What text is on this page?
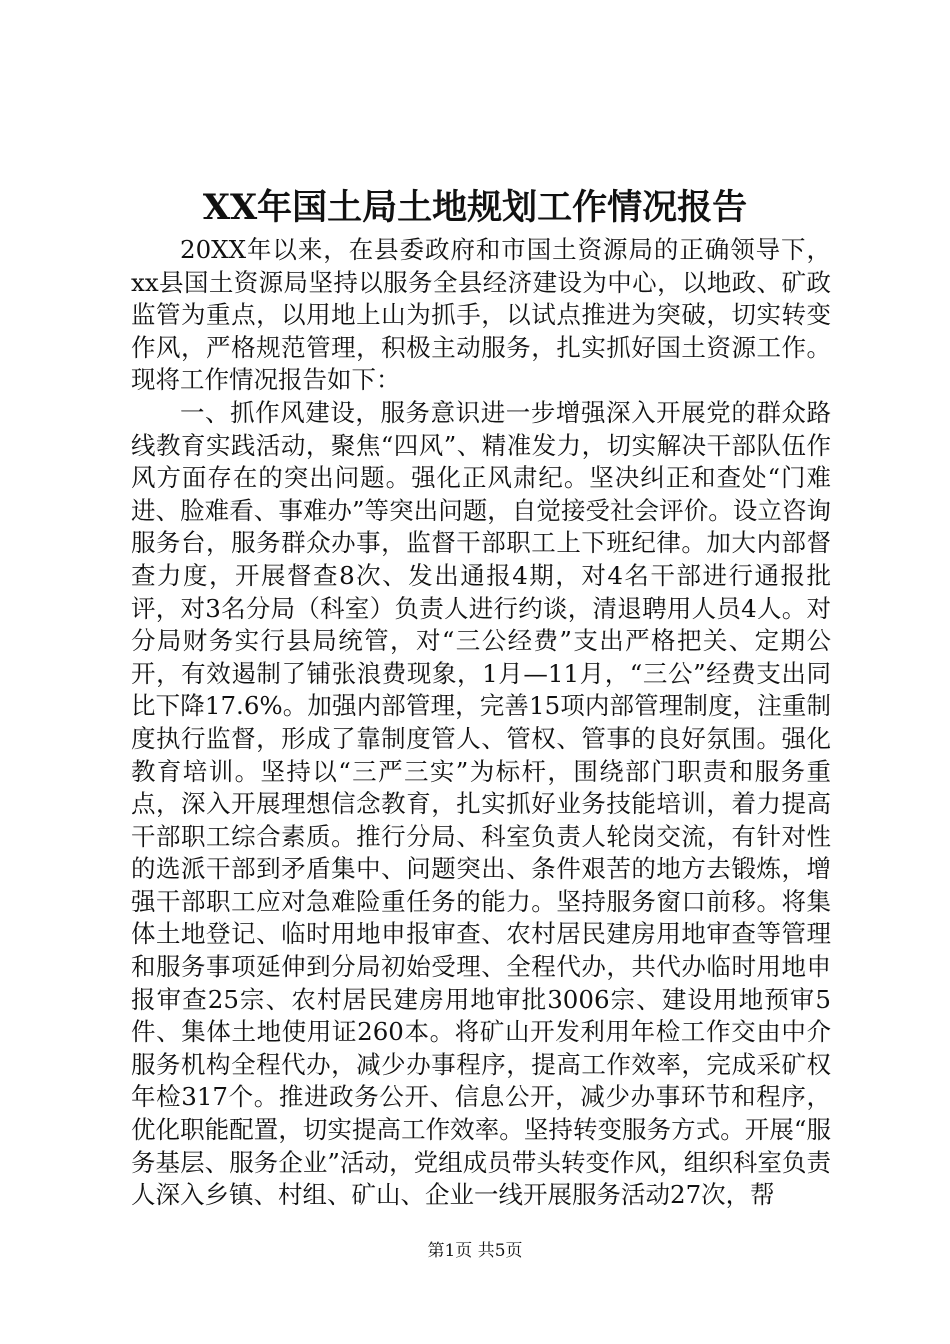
XX年国土局土地规划工作情况报告

20XX年以来，在县委政府和市国土资源局的正确领导下，xx县国土资源局坚持以服务全县经济建设为中心，以地政、矿政监管为重点，以用地上山为抓手，以试点推进为突破，切实转变作风，严格规范管理，积极主动服务，扎实抓好国土资源工作。现将工作情况报告如下：

一、抓作风建设，服务意识进一步增强深入开展党的群众路线教育实践活动，聚焦“四风”、精准发力，切实解决干部队伍作风方面存在的突出问题。强化正风肃纪。坚决纠正和查处“门难进、脸难看、事难办”等突出问题，自觉接受社会评价。设立咨询服务台，服务群众办事，监督干部职工上下班纪律。加大内部督查力度，开展督查8次、发出通报4期，对4名干部进行通报批评，对3名分局（科室）负责人进行约谈，清退聘用人员4人。对分局财务实行县局统管，对“三公经费”支出严格把关、定期公开，有效遏制了铺张浪费现象，1月—11月，“三公”经费支出同比下降17.6%。加强内部管理，完善15项内部管理制度，注重制度执行监督，形成了靠制度管人、管权、管事的良好氛围。强化教育培训。坚持以“三严三实”为标杆，围绕部门职责和服务重点，深入开展理想信念教育，扎实抓好业务技能培训，着力提高干部职工综合素质。推行分局、科室负责人轮岗交流，有针对性的选派干部到矛盾集中、问题突出、条件艰苦的地方去锻炼，增强干部职工应对急难险重任务的能力。坚持服务窗口前移。将集体土地登记、临时用地申报审查、农村居民建房用地审查等管理和服务事项延伸到分局初始受理、全程代办，共代办临时用地申报审查25宗、农村居民建房用地审批3006宗、建设用地预审5件、集体土地使用证260本。将矿山开发利用年检工作交由中介服务机构全程代办，减少办事程序，提高工作效率，完成采矿权年检317个。推进政务公开、信息公开，减少办事环节和程序，优化职能配置，切实提高工作效率。坚持转变服务方式。开展“服务基层、服务企业”活动，党组成员带头转变作风，组织科室负责人深入乡镇、村组、矿山、企业一线开展服务活动27次，帮

第1页 共5页
